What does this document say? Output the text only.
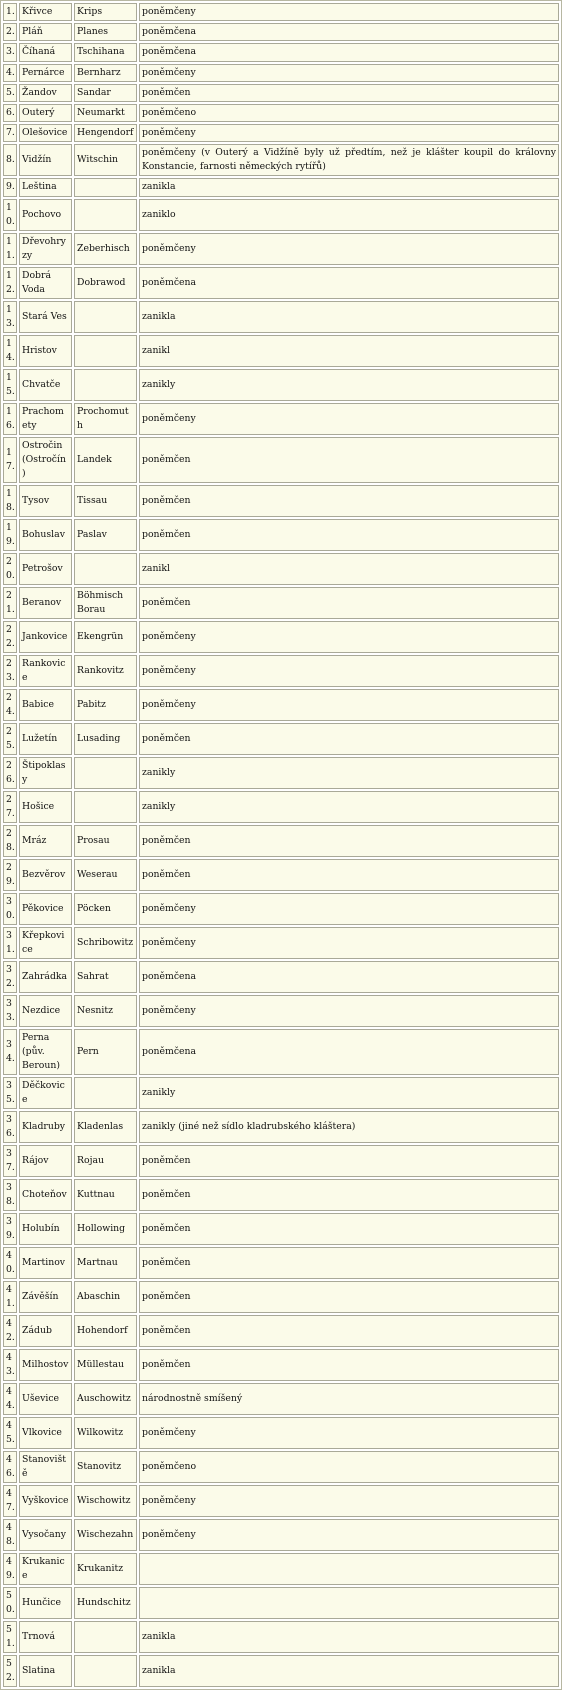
1.	Křivce	Krips	poněmčeny
2.	Pláň	Planes	poněmčena
3.	Číhaná	Tschihana	poněmčena
4.	Pernárce	Bernharz	poněmčeny
5.	Žandov	Sandar	poněmčen
6.	Outerý	Neumarkt	poněmčeno
7.	Olešovice	Hengendorf	poněmčeny
8.	Vidžín	Witschin	poněmčeny (v Outerý a Vidžíně byly už předtím, než je klášter koupil do královny Konstancie, farnosti německých rytířů)
9.	Leština		zanikla
10.	Pochovo		zaniklo
11.	Dřevohryzy	Zeberhisch	poněmčeny
12.	Dobrá Voda	Dobrawod	poněmčena
13.	Stará Ves		zanikla
14.	Hristov		zanikl
15.	Chvatče		zanikly
16.	Prachomety	Prochomuth	poněmčeny
17.	Ostročin (Ostročín)	Landek	poněmčen
18.	Tysov	Tissau	poněmčen
19.	Bohuslav	Paslav	poněmčen
20.	Petrošov		zanikl
21.	Beranov	Böhmisch Borau	poněmčen
22.	Jankovice	Ekengrün	poněmčeny
23.	Rankovice	Rankovitz	poněmčeny
24.	Babice	Pabitz	poněmčeny
25.	Lužetín	Lusading	poněmčen
26.	Štipoklasy		zanikly
27.	Hošice		zanikly
28.	Mráz	Prosau	poněmčen
29.	Bezvěrov	Weserau	poněmčen
30.	Pěkovice	Pöcken	poněmčeny
31.	Křepkovice	Schribowitz	poněmčeny
32.	Zahrádka	Sahrat	poněmčena
33.	Nezdice	Nesnitz	poněmčeny
34.	Perna (pův. Beroun)	Pern	poněmčena
35.	Děčkovice		zanikly
36.	Kladruby	Kladenlas	zanikly (jiné než sídlo kladrubského kláštera)
37.	Rájov	Rojau	poněmčen
38.	Choteňov	Kuttnau	poněmčen
39.	Holubín	Hollowing	poněmčen
40.	Martinov	Martnau	poněmčen
41.	Závěšín	Abaschin	poněmčen
42.	Zádub	Hohendorf	poněmčen
43.	Milhostov	Müllestau	poněmčen
44.	Uševice	Auschowitz	národnostně smíšený
45.	Vlkovice	Wilkowitz	poněmčeny
46.	Stanoviště	Stanovitz	poněmčeno
47.	Vyškovice	Wischowitz	poněmčeny
48.	Vysočany	Wischezahn	poněmčeny
49.	Krukanice	Krukanitz	
50.	Hunčice	Hundschitz	
51.	Trnová		zanikla
52.	Slatina		zanikla
